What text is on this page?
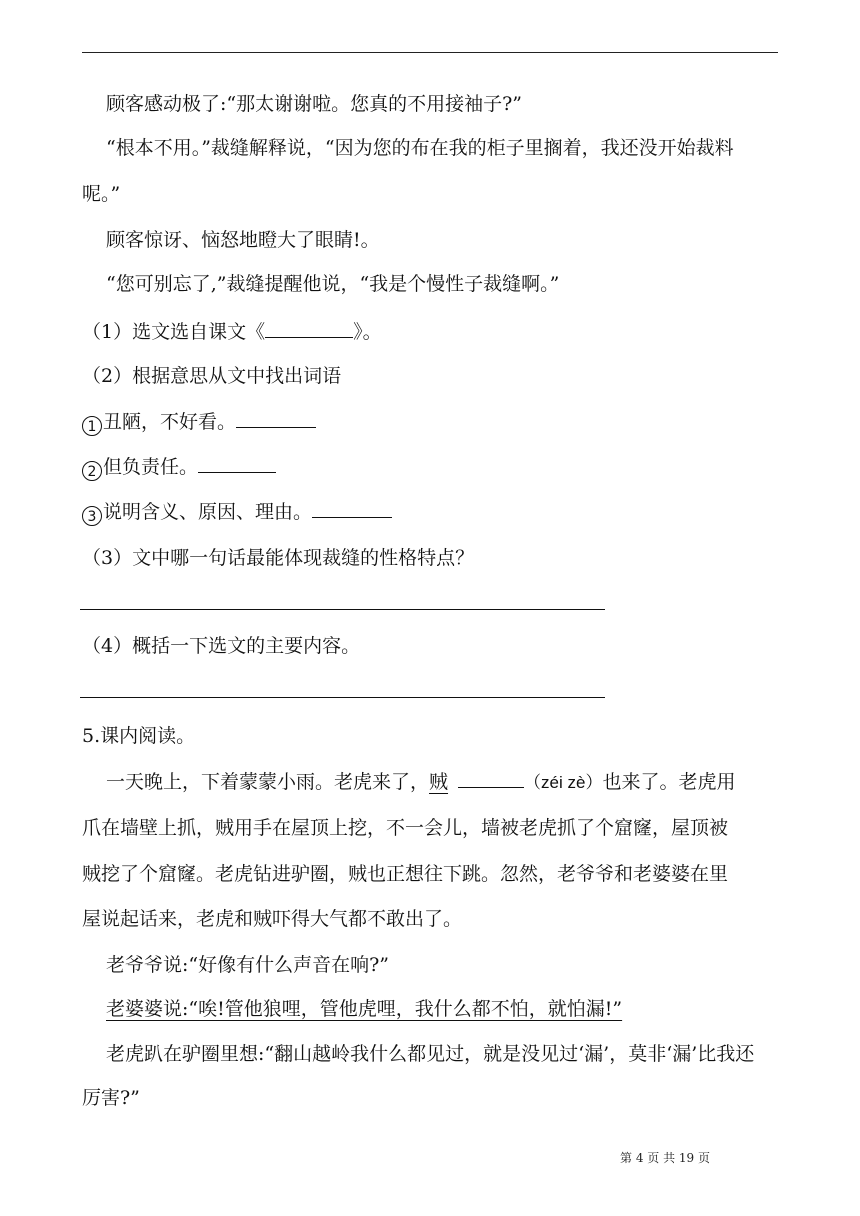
顾客感动极了:“那太谢谢啦。您真的不用接袖子?”
“根本不用。”裁缝解释说，“因为您的布在我的柜子里搁着，我还没开始裁料
呢。”
顾客惊讶、恼怒地瞪大了眼睛!。
“您可别忘了,”裁缝提醒他说，“我是个慢性子裁缝啊。”
（1）选文选自课文《	》。
（2）根据意思从文中找出词语
1 丑陋，不好看。
2 但负责任。
3 说明含义、原因、理由。
（3）文中哪一句话最能体现裁缝的性格特点？
（4）概括一下选文的主要内容。
5.课内阅读。
一天晚上，下着蒙蒙小雨。老虎来了，贼	（zéi zè）也来了。老虎用
爪在墙壁上抓，贼用手在屋顶上挖，不一会儿，墙被老虎抓了个窟窿，屋顶被
贼挖了个窟窿。老虎钻进驴圈，贼也正想往下跳。忽然，老爷爷和老婆婆在里
屋说起话来，老虎和贼吓得大气都不敢出了。
老爷爷说:“好像有什么声音在响?”
老婆婆说:“唉!管他狼哩，管他虎哩，我什么都不怕，就怕漏!”
老虎趴在驴圈里想:“翻山越岭我什么都见过，就是没见过‘漏’，莫非‘漏’比我还
厉害?”
第 4 页 共 19 页
